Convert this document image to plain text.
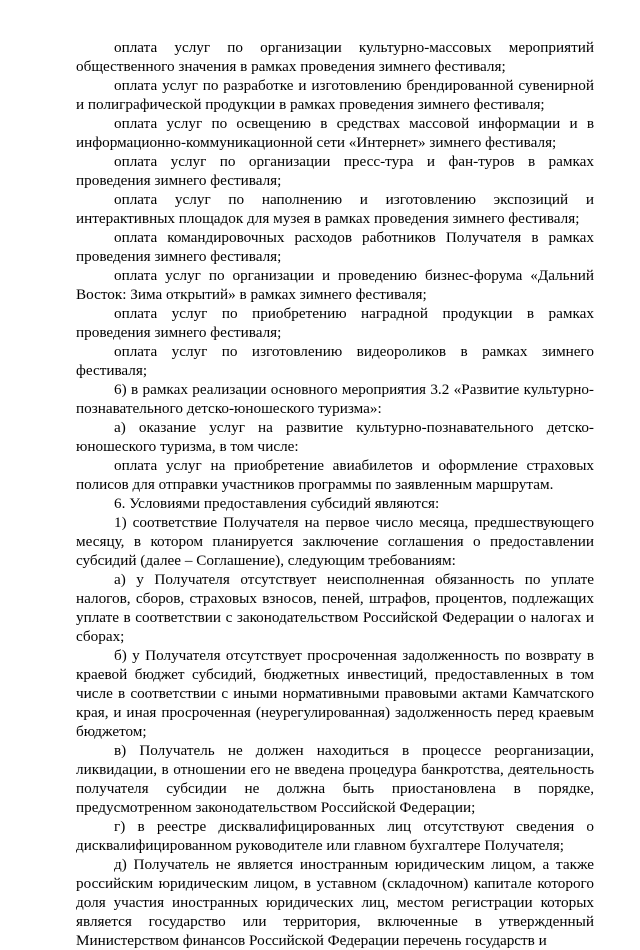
оплата услуг по организации культурно-массовых мероприятий общественного значения в рамках проведения зимнего фестиваля;

оплата услуг по разработке и изготовлению брендированной сувенирной и полиграфической продукции в рамках проведения зимнего фестиваля;

оплата услуг по освещению в средствах массовой информации и в информационно-коммуникационной сети «Интернет» зимнего фестиваля;

оплата услуг по организации пресс-тура и фан-туров в рамках проведения зимнего фестиваля;

оплата услуг по наполнению и изготовлению экспозиций и интерактивных площадок для музея в рамках проведения зимнего фестиваля;

оплата командировочных расходов работников Получателя в рамках проведения зимнего фестиваля;

оплата услуг по организации и проведению бизнес-форума «Дальний Восток: Зима открытий» в рамках зимнего фестиваля;

оплата услуг по приобретению наградной продукции в рамках проведения зимнего фестиваля;

оплата услуг по изготовлению видеороликов в рамках зимнего фестиваля;

6) в рамках реализации основного мероприятия 3.2 «Развитие культурно-познавательного детско-юношеского туризма»:

а) оказание услуг на развитие культурно-познавательного детско-юношеского туризма, в том числе:

оплата услуг на приобретение авиабилетов и оформление страховых полисов для отправки участников программы по заявленным маршрутам.

6. Условиями предоставления субсидий являются:

1) соответствие Получателя на первое число месяца, предшествующего месяцу, в котором планируется заключение соглашения о предоставлении субсидий (далее – Соглашение), следующим требованиям:

а) у Получателя отсутствует неисполненная обязанность по уплате налогов, сборов, страховых взносов, пеней, штрафов, процентов, подлежащих уплате в соответствии с законодательством Российской Федерации о налогах и сборах;

б) у Получателя отсутствует просроченная задолженность по возврату в краевой бюджет субсидий, бюджетных инвестиций, предоставленных в том числе в соответствии с иными нормативными правовыми актами Камчатского края, и иная просроченная (неурегулированная) задолженность перед краевым бюджетом;

в) Получатель не должен находиться в процессе реорганизации, ликвидации, в отношении его не введена процедура банкротства, деятельность получателя субсидии не должна быть приостановлена в порядке, предусмотренном законодательством Российской Федерации;

г) в реестре дисквалифицированных лиц отсутствуют сведения о дисквалифицированном руководителе или главном бухгалтере Получателя;

д) Получатель не является иностранным юридическим лицом, а также российским юридическим лицом, в уставном (складочном) капитале которого доля участия иностранных юридических лиц, местом регистрации которых является государство или территория, включенные в утвержденный Министерством финансов Российской Федерации перечень государств и
